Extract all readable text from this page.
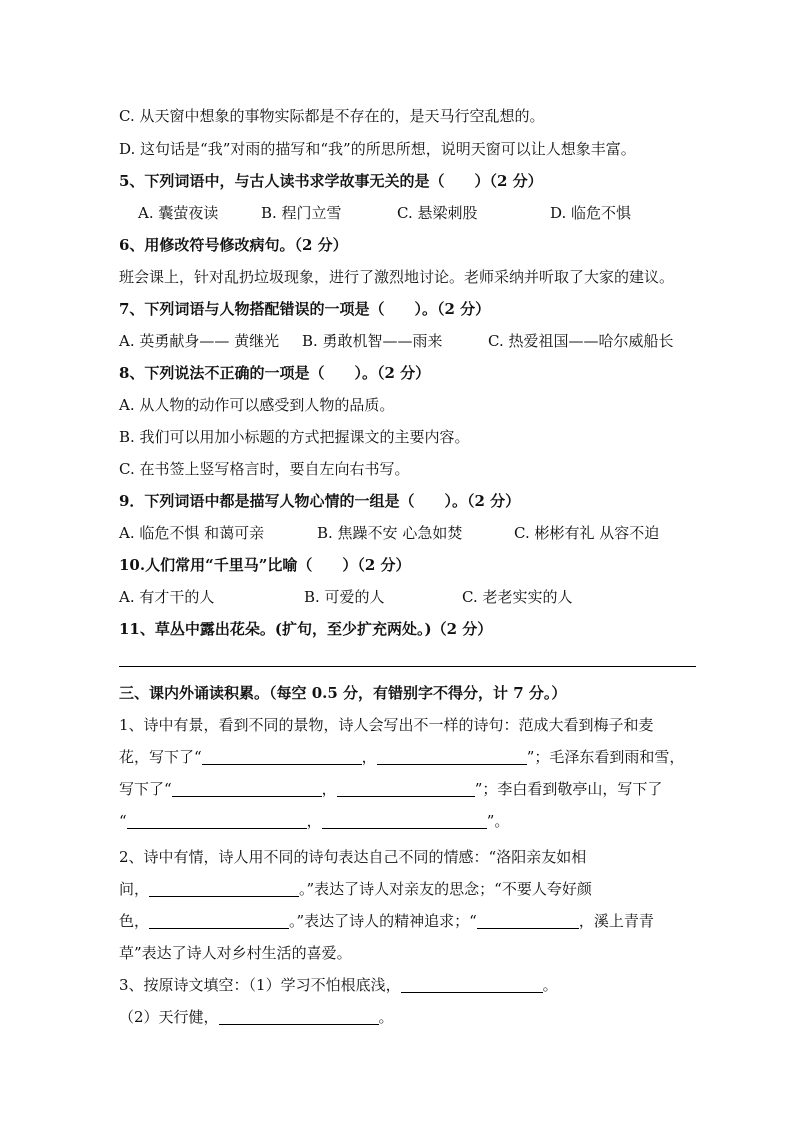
C. 从天窗中想象的事物实际都是不存在的，是天马行空乱想的。
D. 这句话是“我”对雨的描写和“我”的所思所想，说明天窗可以让人想象丰富。
5、下列词语中，与古人读书求学故事无关的是（　　）（2 分）
A. 囊萤夜读	B. 程门立雪	C. 悬梁刺股	D. 临危不惧
6、用修改符号修改病句。（2 分）
班会课上，针对乱扔垃圾现象，进行了激烈地讨论。老师采纳并听取了大家的建议。
7、下列词语与人物搭配错误的一项是（　　）。（2 分）
A. 英勇献身—— 黄继光 B. 勇敢机智——雨来	C. 热爱祖国——哈尔威船长
8、下列说法不正确的一项是（　　）。（2 分）
A. 从人物的动作可以感受到人物的品质。
B. 我们可以用加小标题的方式把握课文的主要内容。
C. 在书签上竖写格言时，要自左向右书写。
9．下列词语中都是描写人物心情的一组是（　　）。（2 分）
A. 临危不惧 和蔼可亲	B. 焦躁不安 心急如焚	C. 彬彬有礼 从容不迫
10.人们常用“千里马”比喻（　　）（2 分）
A. 有才干的人	B. 可爱的人	C. 老老实实的人
11、草丛中露出花朵。(扩句，至少扩充两处。)（2 分）
三、课内外诵读积累。（每空 0.5 分，有错别字不得分，计 7 分。）
1、诗中有景，看到不同的景物，诗人会写出不一样的诗句：范成大看到梅子和麦
花，写下了“	，	”；毛泽东看到雨和雪，
写下了“	，	”；李白看到敬亭山，写下了
“	，	”。
2、诗中有情，诗人用不同的诗句表达自己不同的情感：“洛阳亲友如相
问，	。”表达了诗人对亲友的思念；“不要人夸好颜
色，	。”表达了诗人的精神追求；“	，溪上青青
草”表达了诗人对乡村生活的喜爱。
3、按原诗文填空：（1）学习不怕根底浅，	。
（2）天行健，	。
